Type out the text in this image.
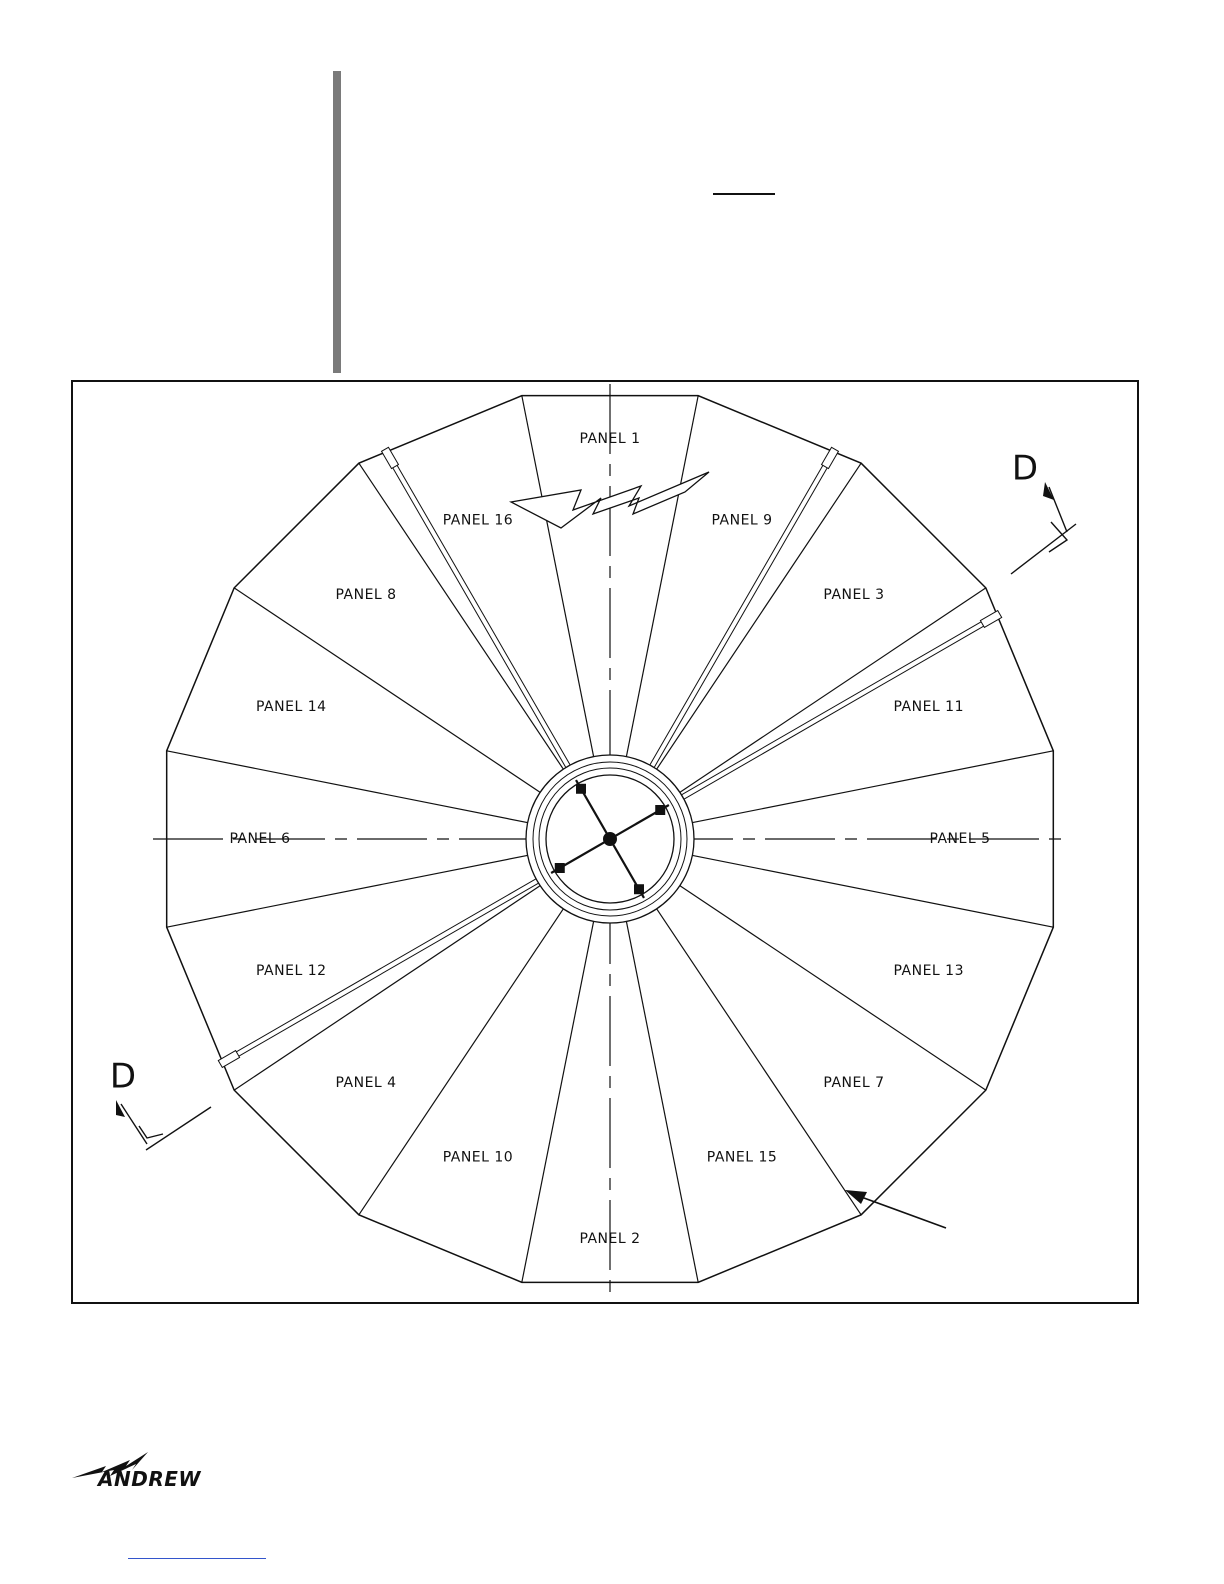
PANEL 1
PANEL 9
PANEL 3
PANEL 11
PANEL 5
PANEL 13
PANEL 7
PANEL 15
PANEL 2
PANEL 10
PANEL 4
PANEL 12
PANEL 6
PANEL 14
PANEL 8
PANEL 16
D
D
ANDREW
